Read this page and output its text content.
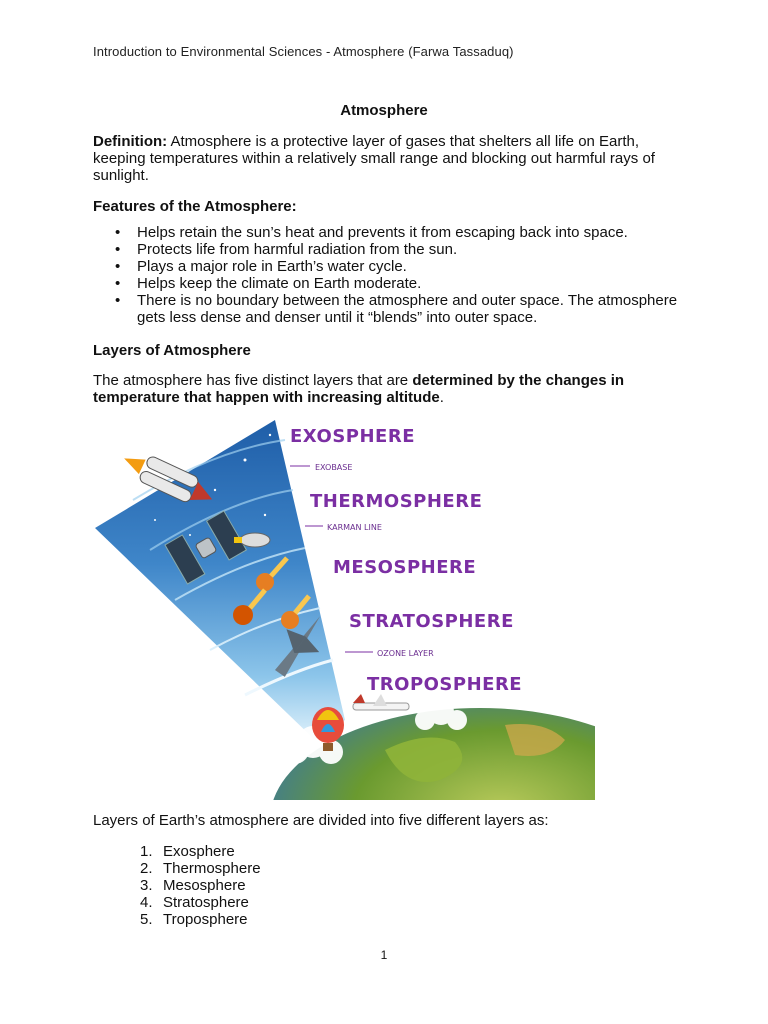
Introduction to Environmental Sciences - Atmosphere (Farwa Tassaduq)
Atmosphere
Definition: Atmosphere is a protective layer of gases that shelters all life on Earth, keeping temperatures within a relatively small range and blocking out harmful rays of sunlight.
Features of the Atmosphere:
• Helps retain the sun’s heat and prevents it from escaping back into space.
• Protects life from harmful radiation from the sun.
• Plays a major role in Earth’s water cycle.
• Helps keep the climate on Earth moderate.
• There is no boundary between the atmosphere and outer space. The atmosphere gets less dense and denser until it “blends” into outer space.
Layers of Atmosphere
The atmosphere has five distinct layers that are determined by the changes in temperature that happen with increasing altitude.
EXOSPHERE
EXOBASE
THERMOSPHERE
KARMAN LINE
MESOSPHERE
STRATOSPHERE
OZONE LAYER
TROPOSPHERE
Layers of Earth’s atmosphere are divided into five different layers as:
1. Exosphere
2. Thermosphere
3. Mesosphere
4. Stratosphere
5. Troposphere
1
